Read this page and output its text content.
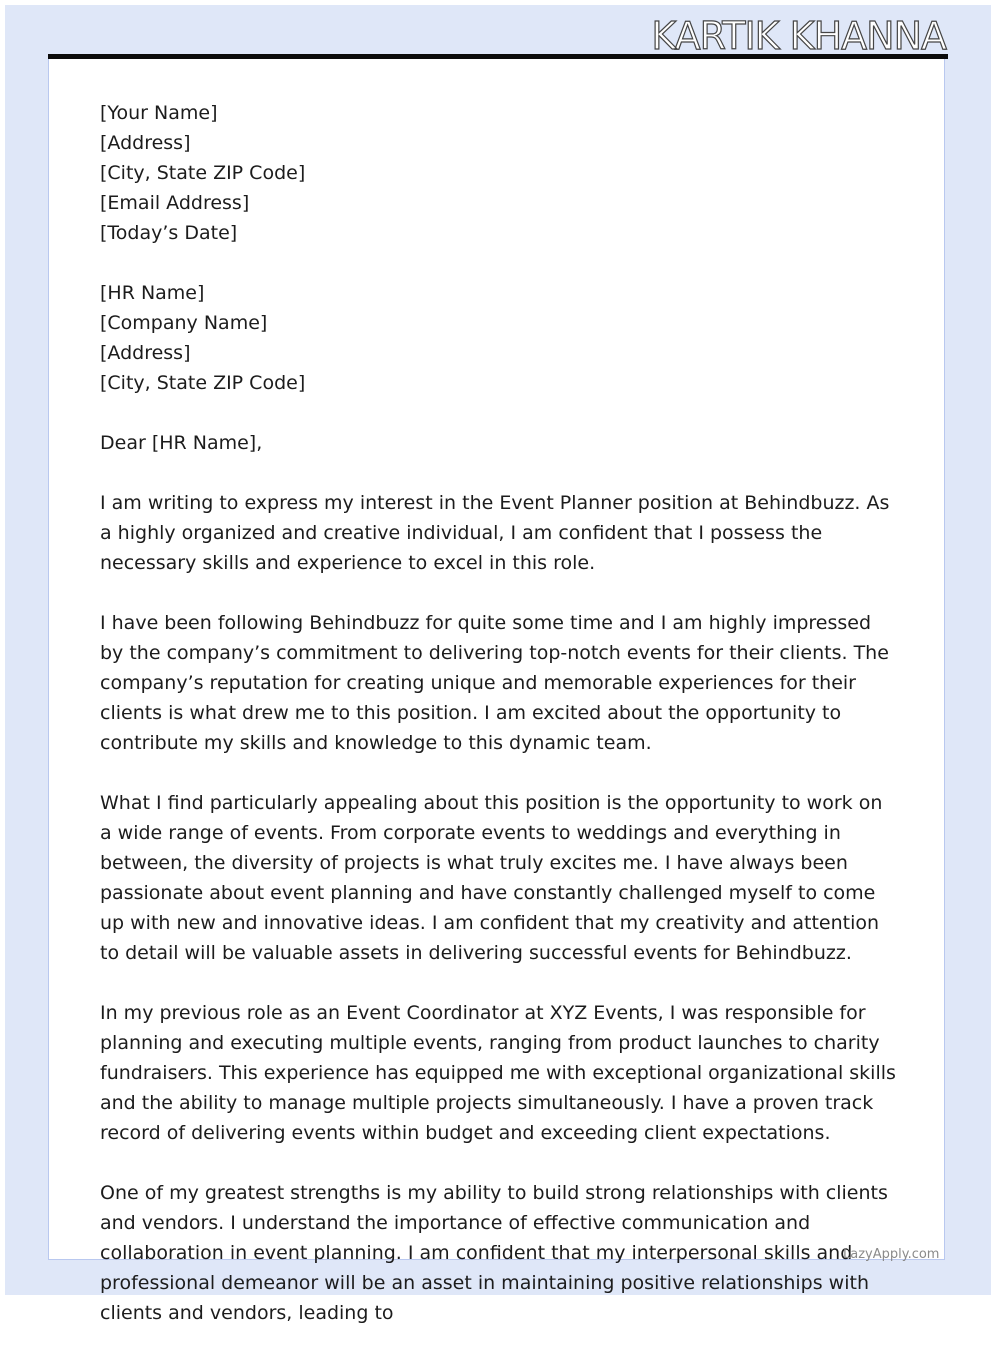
KARTIK KHANNA

[Your Name]
[Address]
[City, State ZIP Code]
[Email Address]
[Today’s Date]

[HR Name]
[Company Name]
[Address]
[City, State ZIP Code]

Dear [HR Name],

I am writing to express my interest in the Event Planner position at Behindbuzz. As a highly organized and creative individual, I am confident that I possess the necessary skills and experience to excel in this role.

I have been following Behindbuzz for quite some time and I am highly impressed by the company’s commitment to delivering top-notch events for their clients. The company’s reputation for creating unique and memorable experiences for their clients is what drew me to this position. I am excited about the opportunity to contribute my skills and knowledge to this dynamic team.

What I find particularly appealing about this position is the opportunity to work on a wide range of events. From corporate events to weddings and everything in between, the diversity of projects is what truly excites me. I have always been passionate about event planning and have constantly challenged myself to come up with new and innovative ideas. I am confident that my creativity and attention to detail will be valuable assets in delivering successful events for Behindbuzz.

In my previous role as an Event Coordinator at XYZ Events, I was responsible for planning and executing multiple events, ranging from product launches to charity fundraisers. This experience has equipped me with exceptional organizational skills and the ability to manage multiple projects simultaneously. I have a proven track record of delivering events within budget and exceeding client expectations.

One of my greatest strengths is my ability to build strong relationships with clients and vendors. I understand the importance of effective communication and collaboration in event planning. I am confident that my interpersonal skills and professional demeanor will be an asset in maintaining positive relationships with clients and vendors, leading to

LazyApply.com
